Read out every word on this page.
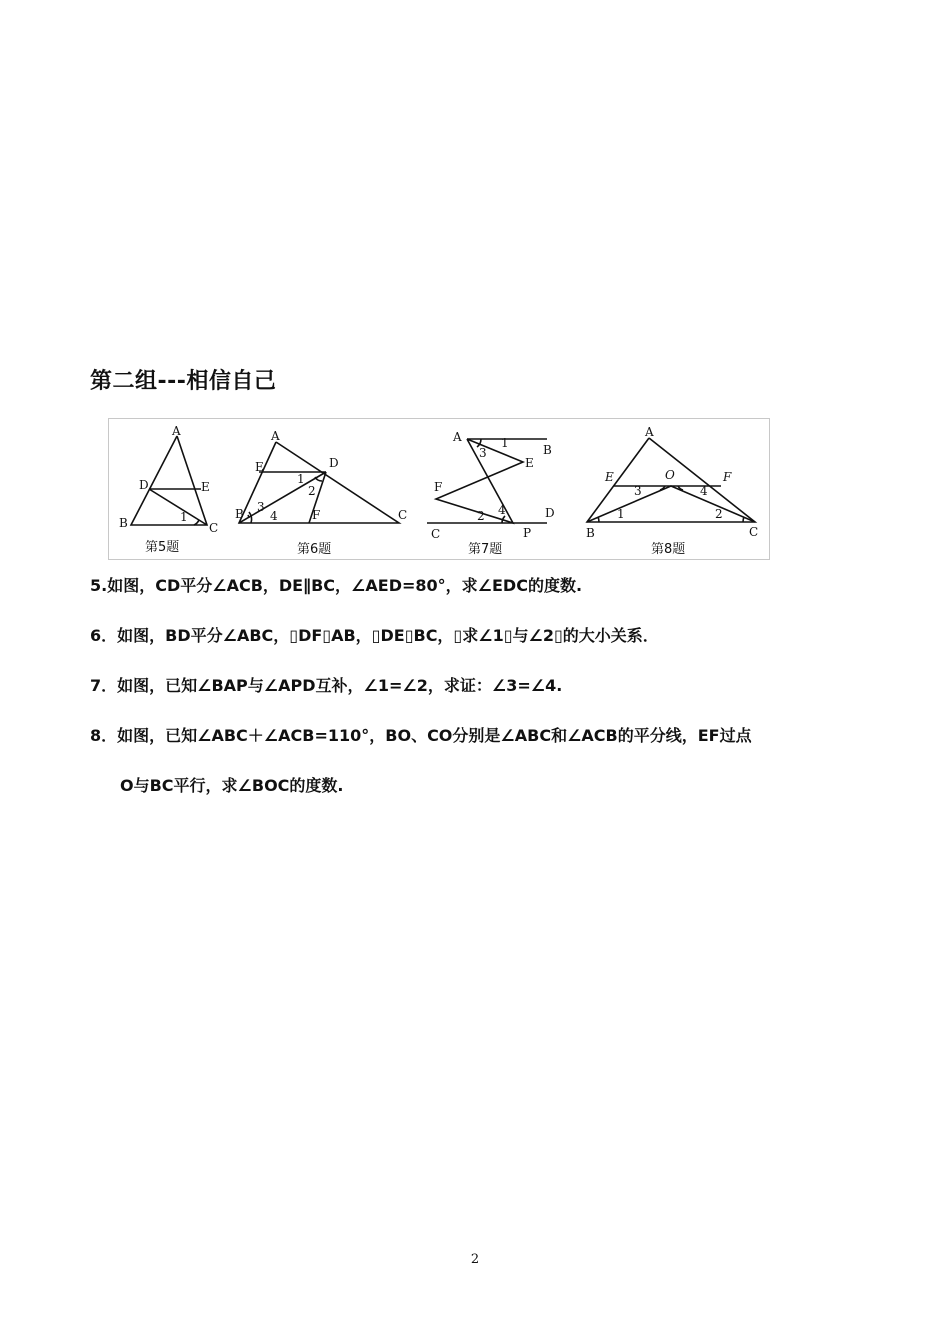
第二组---相信自己
A
B	C
D	E
1
第5题
A
B	C
D
E
F
1
2
3
4
第6题
A
B
C
D
E
F
P
1
2
3
4
第7题
A
B	C
E	F
O
1	2
3	4
第8题
5.如图，CD平分∠ACB，DE∥BC，∠AED=80°，求∠EDC的度数.
6．如图，BD平分∠ABC，▯DF▯AB，▯DE▯BC，▯求∠1▯与∠2▯的大小关系．
7．如图，已知∠BAP与∠APD互补，∠1=∠2，求证：∠3=∠4.
8．如图，已知∠ABC＋∠ACB=110°，BO、CO分别是∠ABC和∠ACB的平分线，EF过点
O与BC平行，求∠BOC的度数.
2
